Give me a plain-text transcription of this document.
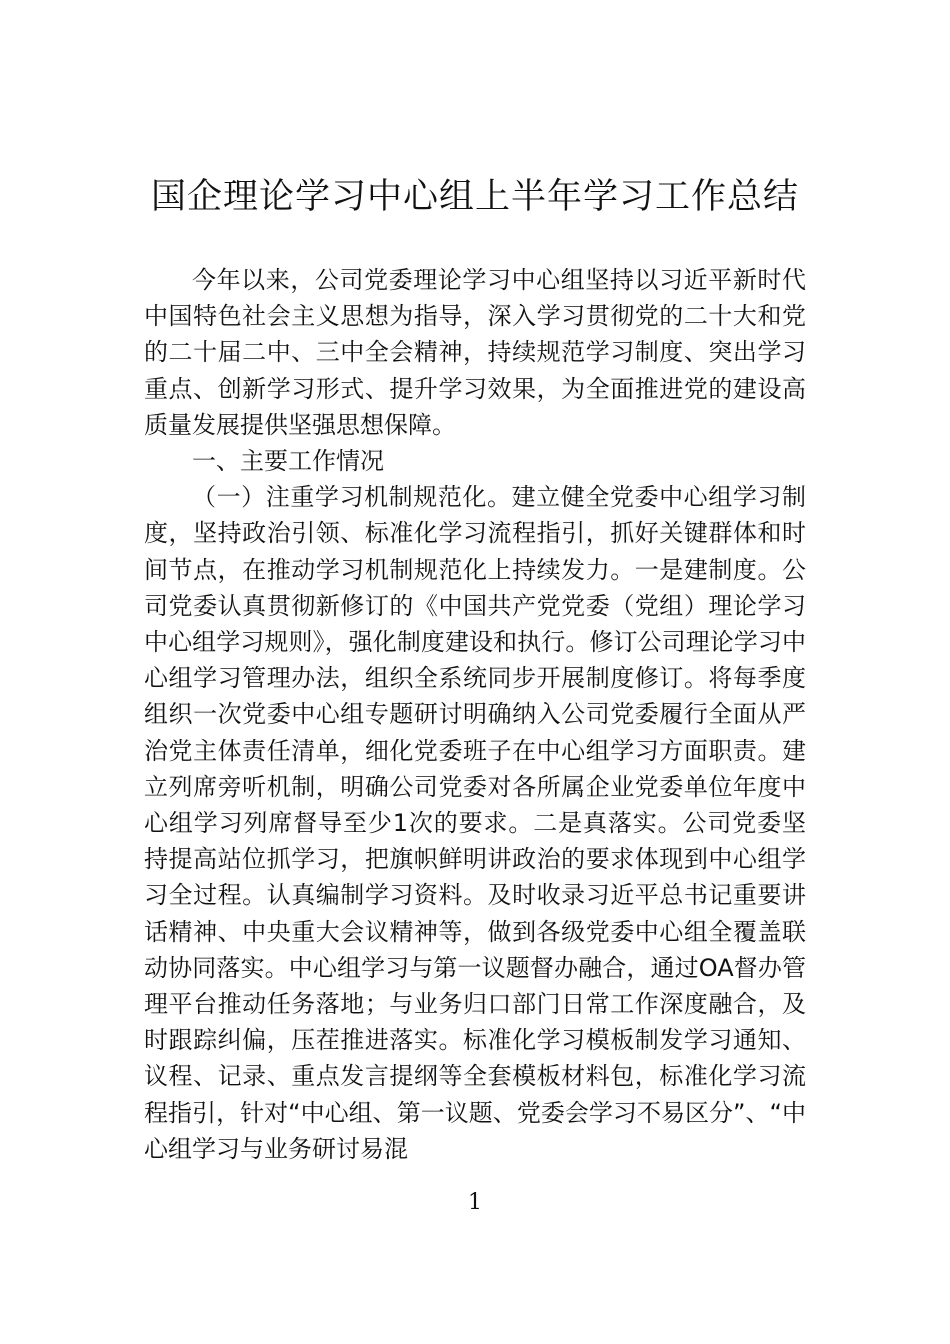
国企理论学习中心组上半年学习工作总结

今年以来，公司党委理论学习中心组坚持以习近平新时代中国特色社会主义思想为指导，深入学习贯彻党的二十大和党的二十届二中、三中全会精神，持续规范学习制度、突出学习重点、创新学习形式、提升学习效果，为全面推进党的建设高质量发展提供坚强思想保障。

一、主要工作情况

（一）注重学习机制规范化。建立健全党委中心组学习制度，坚持政治引领、标准化学习流程指引，抓好关键群体和时间节点，在推动学习机制规范化上持续发力。一是建制度。公司党委认真贯彻新修订的《中国共产党党委（党组）理论学习中心组学习规则》，强化制度建设和执行。修订公司理论学习中心组学习管理办法，组织全系统同步开展制度修订。将每季度组织一次党委中心组专题研讨明确纳入公司党委履行全面从严治党主体责任清单，细化党委班子在中心组学习方面职责。建立列席旁听机制，明确公司党委对各所属企业党委单位年度中心组学习列席督导至少1次的要求。二是真落实。公司党委坚持提高站位抓学习，把旗帜鲜明讲政治的要求体现到中心组学习全过程。认真编制学习资料。及时收录习近平总书记重要讲话精神、中央重大会议精神等，做到各级党委中心组全覆盖联动协同落实。中心组学习与第一议题督办融合，通过OA督办管理平台推动任务落地；与业务归口部门日常工作深度融合，及时跟踪纠偏，压茬推进落实。标准化学习模板制发学习通知、议程、记录、重点发言提纲等全套模板材料包，标准化学习流程指引，针对“中心组、第一议题、党委会学习不易区分”、“中心组学习与业务研讨易混

1
